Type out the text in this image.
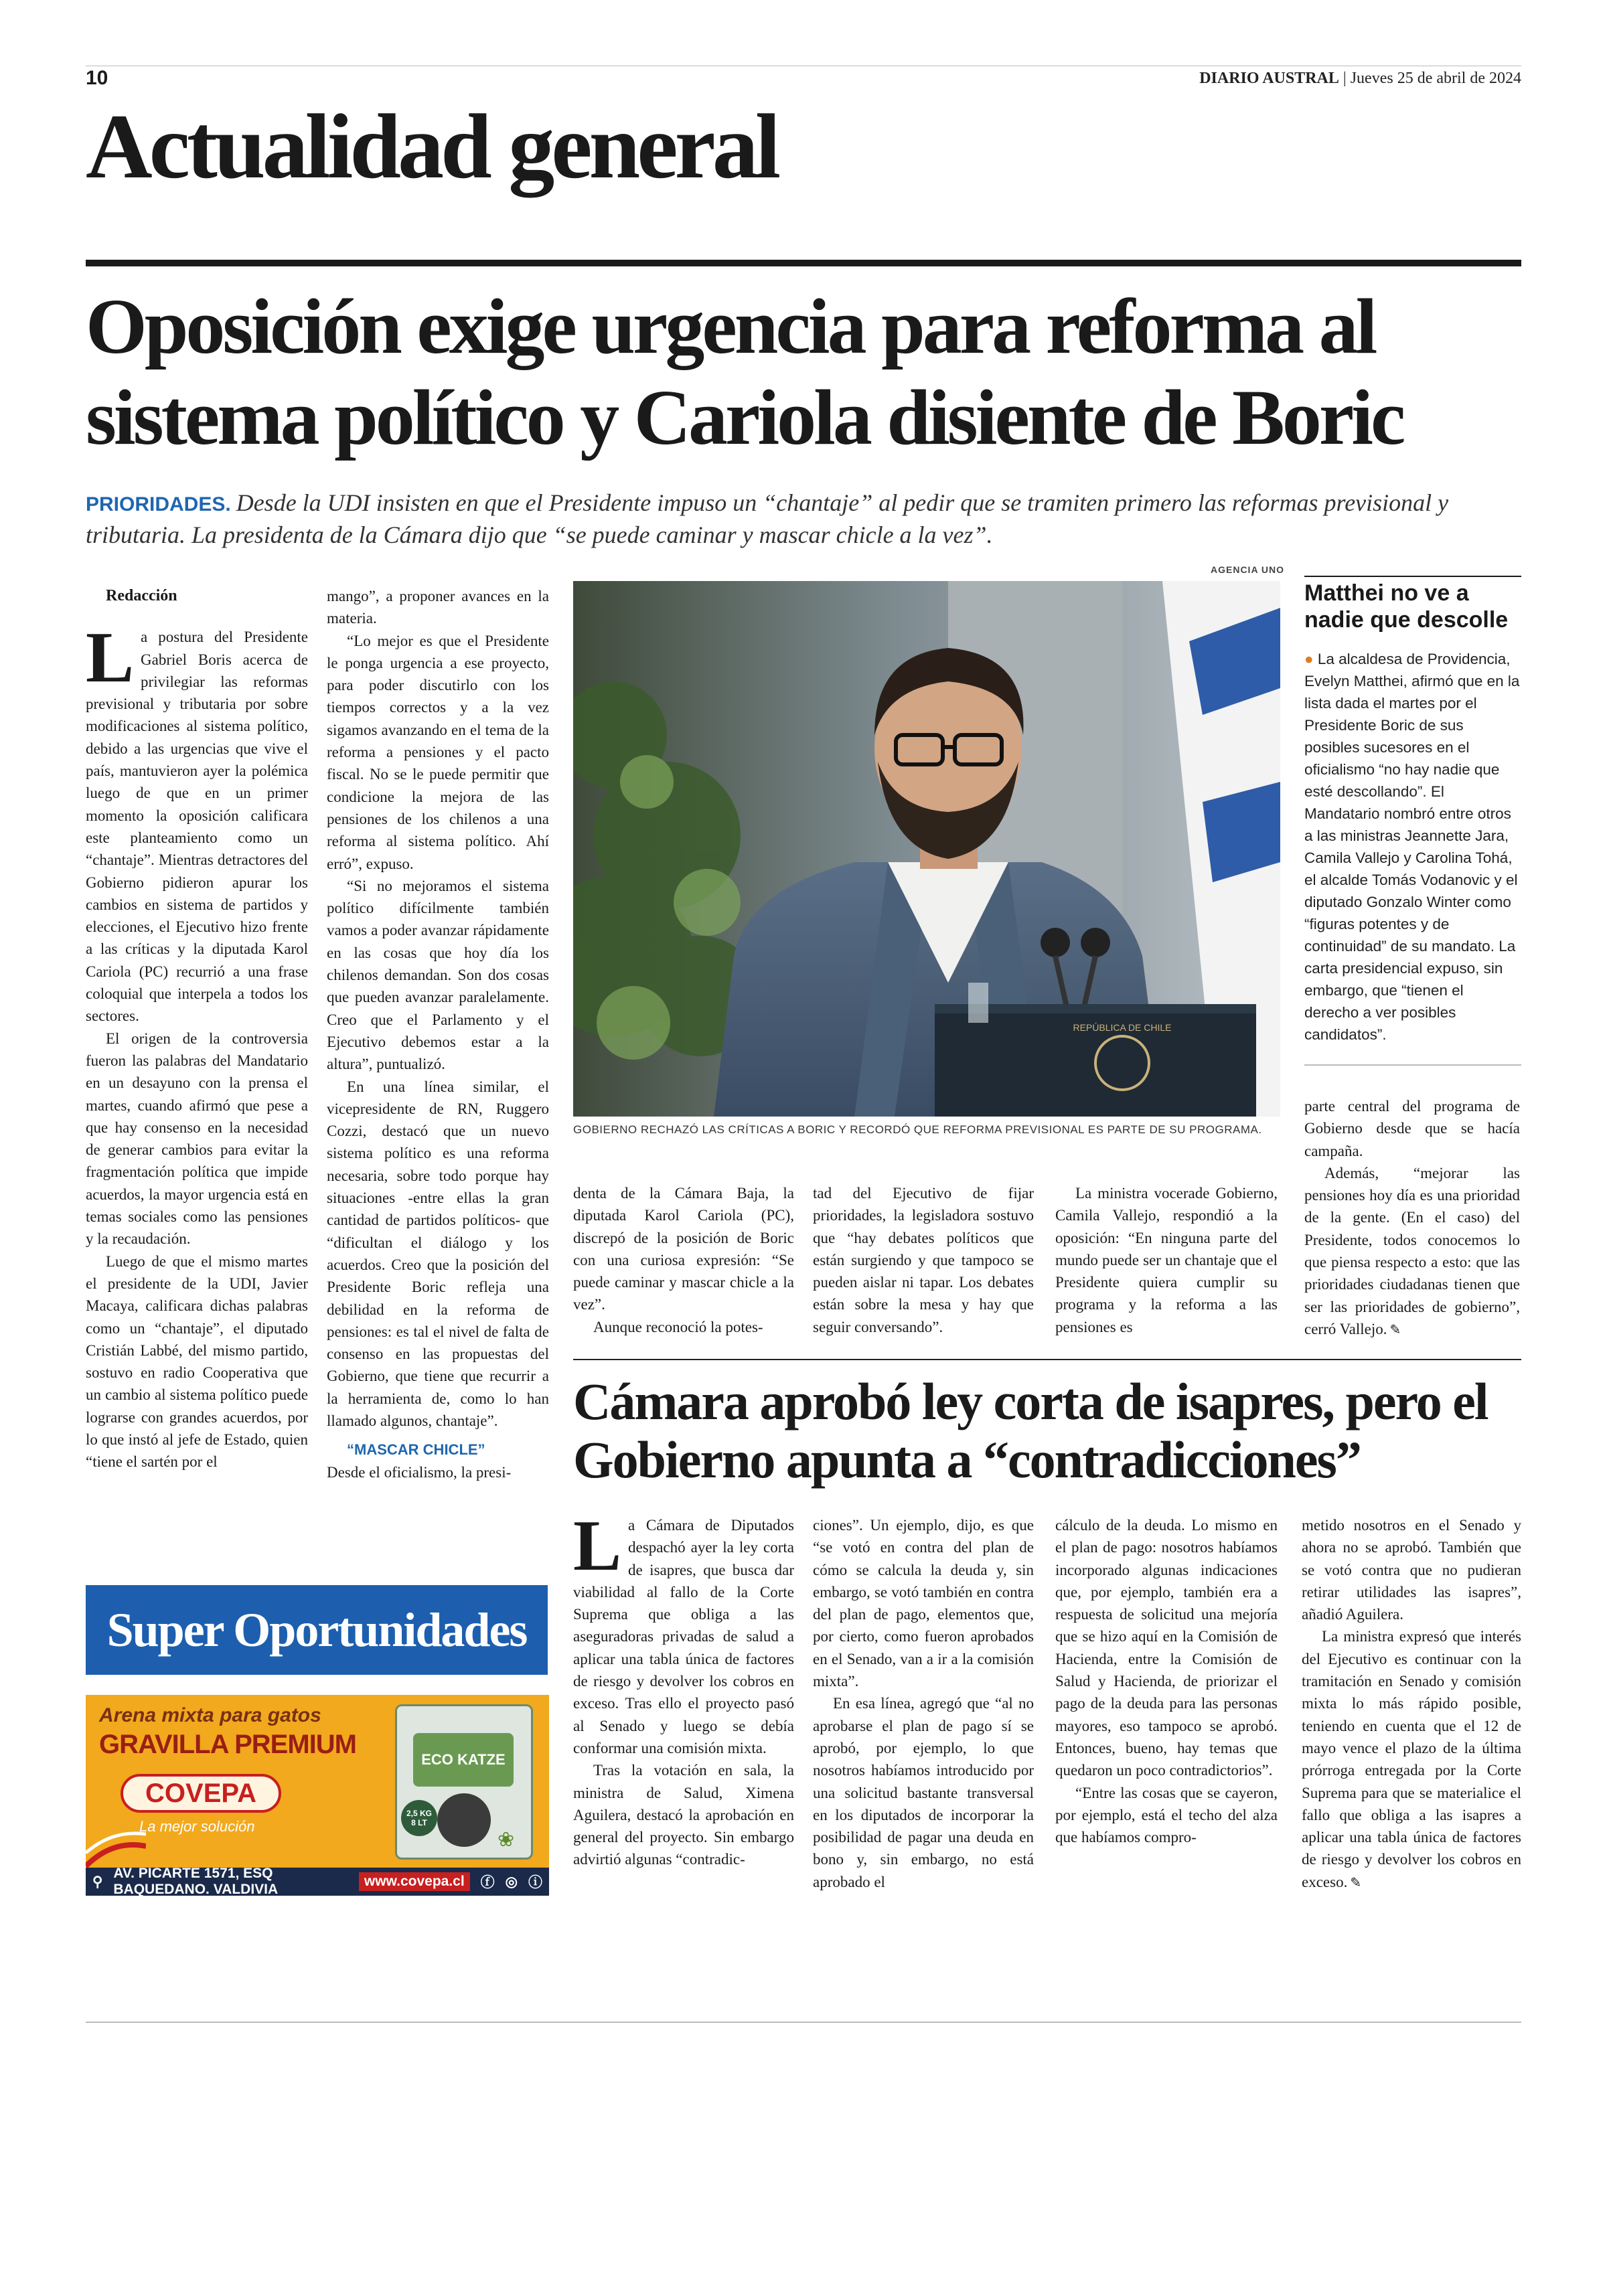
10	DIARIO AUSTRAL | Jueves 25 de abril de 2024
Actualidad general
Oposición exige urgencia para reforma al sistema político y Cariola disiente de Boric
PRIORIDADES. Desde la UDI insisten en que el Presidente impuso un “chantaje” al pedir que se tramiten primero las reformas previsional y tributaria. La presidenta de la Cámara dijo que “se puede caminar y mascar chicle a la vez”.

Redacción

La postura del Presidente Gabriel Boris acerca de privilegiar las reformas previsional y tributaria por sobre modificaciones al sistema político, debido a las urgencias que vive el país, mantuvieron ayer la polémica luego de que en un primer momento la oposición calificara este planteamiento como un “chantaje”. Mientras detractores del Gobierno pidieron apurar los cambios en sistema de partidos y elecciones, el Ejecutivo hizo frente a las críticas y la diputada Karol Cariola (PC) recurrió a una frase coloquial que interpela a todos los sectores.

El origen de la controversia fueron las palabras del Mandatario en un desayuno con la prensa el martes, cuando afirmó que pese a que hay consenso en la necesidad de generar cambios para evitar la fragmentación política que impide acuerdos, la mayor urgencia está en temas sociales como las pensiones y la recaudación.

Luego de que el mismo martes el presidente de la UDI, Javier Macaya, calificara dichas palabras como un “chantaje”, el diputado Cristián Labbé, del mismo partido, sostuvo en radio Cooperativa que un cambio al sistema político puede lograrse con grandes acuerdos, por lo que instó al jefe de Estado, quien “tiene el sartén por el

mango”, a proponer avances en la materia.

“Lo mejor es que el Presidente le ponga urgencia a ese proyecto, para poder discutirlo con los tiempos correctos y a la vez sigamos avanzando en el tema de la reforma a pensiones y el pacto fiscal. No se le puede permitir que condicione la mejora de las pensiones de los chilenos a una reforma al sistema político. Ahí erró”, expuso.

“Si no mejoramos el sistema político difícilmente también vamos a poder avanzar rápidamente en las cosas que hoy día los chilenos demandan. Son dos cosas que pueden avanzar paralelamente. Creo que el Parlamento y el Ejecutivo debemos estar a la altura”, puntualizó.

En una línea similar, el vicepresidente de RN, Ruggero Cozzi, destacó que un nuevo sistema político es una reforma necesaria, sobre todo porque hay situaciones -entre ellas la gran cantidad de partidos políticos- que “dificultan el diálogo y los acuerdos. Creo que la posición del Presidente Boric refleja una debilidad en la reforma de pensiones: es tal el nivel de falta de consenso en las propuestas del Gobierno, que tiene que recurrir a la herramienta de, como lo han llamado algunos, chantaje”.

“MASCAR CHICLE”

Desde el oficialismo, la presi-

AGENCIA UNO
REPÚBLICA DE CHILE
GOBIERNO RECHAZÓ LAS CRÍTICAS A BORIC Y RECORDÓ QUE REFORMA PREVISIONAL ES PARTE DE SU PROGRAMA.

denta de la Cámara Baja, la diputada Karol Cariola (PC), discrepó de la posición de Boric con una curiosa expresión: “Se puede caminar y mascar chicle a la vez”.

Aunque reconoció la potes-

tad del Ejecutivo de fijar prioridades, la legisladora sostuvo que “hay debates políticos que están surgiendo y que tampoco se pueden aislar ni tapar. Los debates están sobre la mesa y hay que seguir conversando”.

La ministra vocerade Gobierno, Camila Vallejo, respondió a la oposición: “En ninguna parte del mundo puede ser un chantaje que el Presidente quiera cumplir su programa y la reforma a las pensiones es

parte central del programa de Gobierno desde que se hacía campaña.

Además, “mejorar las pensiones hoy día es una prioridad de la gente. (En el caso) del Presidente, todos conocemos lo que piensa respecto a esto: que las prioridades ciudadanas tienen que ser las prioridades de gobierno”, cerró Vallejo. ✎

Matthei no ve a nadie que descolle
● La alcaldesa de Providencia, Evelyn Matthei, afirmó que en la lista dada el martes por el Presidente Boric de sus posibles sucesores en el oficialismo “no hay nadie que esté descollando”. El Mandatario nombró entre otros a las ministras Jeannette Jara, Camila Vallejo y Carolina Tohá, el alcalde Tomás Vodanovic y el diputado Gonzalo Winter como “figuras potentes y de continuidad” de su mandato. La carta presidencial expuso, sin embargo, que “tienen el derecho a ver posibles candidatos”.
Cámara aprobó ley corta de isapres, pero el Gobierno apunta a “contradicciones”

La Cámara de Diputados despachó ayer la ley corta de isapres, que busca dar viabilidad al fallo de la Corte Suprema que obliga a las aseguradoras privadas de salud a aplicar una tabla única de factores de riesgo y devolver los cobros en exceso. Tras ello el proyecto pasó al Senado y luego se debía conformar una comisión mixta.

Tras la votación en sala, la ministra de Salud, Ximena Aguilera, destacó la aprobación en general del proyecto. Sin embargo advirtió algunas “contradic-

ciones”. Un ejemplo, dijo, es que “se votó en contra del plan de cómo se calcula la deuda y, sin embargo, se votó también en contra del plan de pago, elementos que, por cierto, como fueron aprobados en el Senado, van a ir a la comisión mixta”.

En esa línea, agregó que “al no aprobarse el plan de pago sí se aprobó, por ejemplo, lo que nosotros habíamos introducido por una solicitud bastante transversal en los diputados de incorporar la posibilidad de pagar una deuda en bono y, sin embargo, no está aprobado el

cálculo de la deuda. Lo mismo en el plan de pago: nosotros habíamos incorporado algunas indicaciones que, por ejemplo, también era a respuesta de solicitud una mejoría que se hizo aquí en la Comisión de Hacienda, entre la Comisión de Salud y Hacienda, de priorizar el pago de la deuda para las personas mayores, eso tampoco se aprobó. Entonces, bueno, hay temas que quedaron un poco contradictorios”.

“Entre las cosas que se cayeron, por ejemplo, está el techo del alza que habíamos compro-

metido nosotros en el Senado y ahora no se aprobó. También que se votó contra que no pudieran retirar utilidades las isapres”, añadió Aguilera.

La ministra expresó que interés del Ejecutivo es continuar con la tramitación en Senado y comisión mixta lo más rápido posible, teniendo en cuenta que el 12 de mayo vence el plazo de la última prórroga entregada por la Corte Suprema para que se materialice el fallo que obliga a las isapres a aplicar una tabla única de factores de riesgo y devolver los cobros en exceso. ✎

Super Oportunidades
Arena mixta para gatos
GRAVILLA PREMIUM
COVEPA
La mejor solución
ECO KATZE
2,5 KG
8 LT
❀
⚲
AV. PICARTE 1571, ESQ BAQUEDANO. VALDIVIA
www.covepa.cl	ⓕ ◎ ⓘ
